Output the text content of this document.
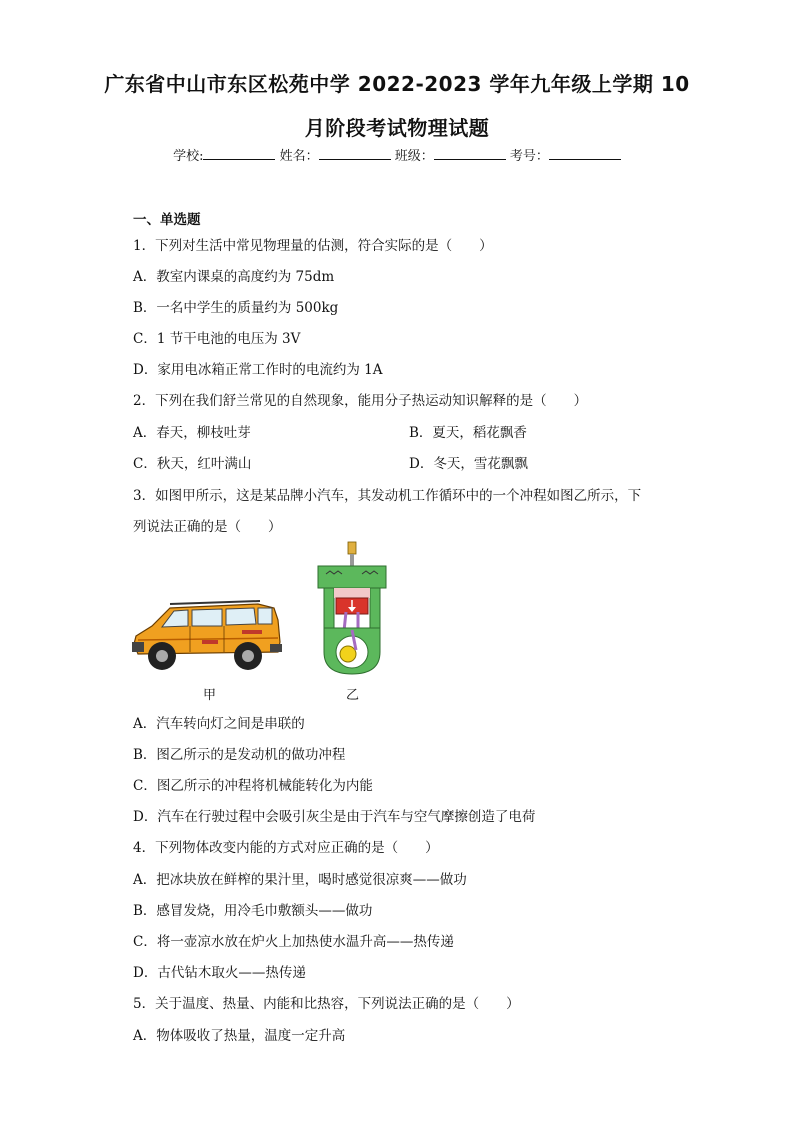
广东省中山市东区松苑中学 2022-2023 学年九年级上学期 10
月阶段考试物理试题
学校:	姓名：	班级：	考号：
一、单选题
1．下列对生活中常见物理量的估测，符合实际的是（　　）
A．教室内课桌的高度约为 75dm
B．一名中学生的质量约为 500kg
C．1 节干电池的电压为 3V
D．家用电冰箱正常工作时的电流约为 1A
2．下列在我们舒兰常见的自然现象，能用分子热运动知识解释的是（　　）
A．春天，柳枝吐芽	B．夏天，稻花飘香
C．秋天，红叶满山	D．冬天，雪花飘飘
3．如图甲所示，这是某品牌小汽车，其发动机工作循环中的一个冲程如图乙所示，下
列说法正确的是（　　）
甲	乙
A．汽车转向灯之间是串联的
B．图乙所示的是发动机的做功冲程
C．图乙所示的冲程将机械能转化为内能
D．汽车在行驶过程中会吸引灰尘是由于汽车与空气摩擦创造了电荷
4．下列物体改变内能的方式对应正确的是（　　）
A．把冰块放在鲜榨的果汁里，喝时感觉很凉爽——做功
B．感冒发烧，用冷毛巾敷额头——做功
C．将一壶凉水放在炉火上加热使水温升高——热传递
D．古代钻木取火——热传递
5．关于温度、热量、内能和比热容，下列说法正确的是（　　）
A．物体吸收了热量，温度一定升高
